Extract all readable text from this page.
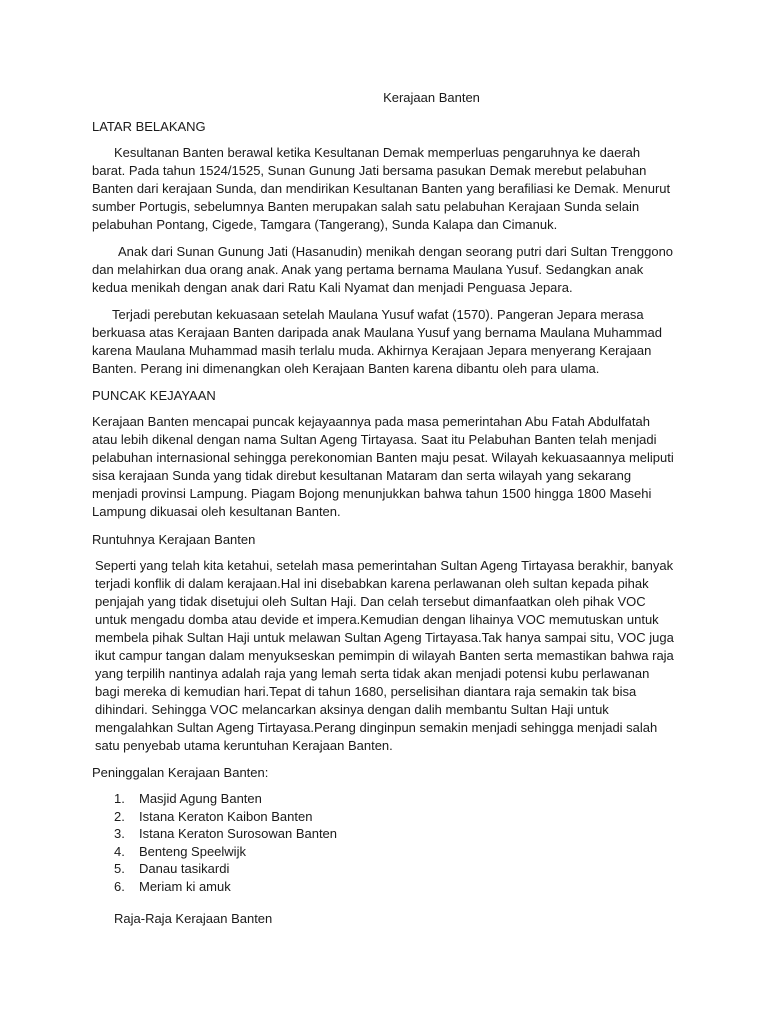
Kerajaan Banten
LATAR BELAKANG

Kesultanan Banten berawal ketika Kesultanan Demak memperluas pengaruhnya ke daerah barat. Pada tahun 1524/1525, Sunan Gunung Jati bersama pasukan Demak merebut pelabuhan Banten dari kerajaan Sunda, dan mendirikan Kesultanan Banten yang berafiliasi ke Demak. Menurut sumber Portugis, sebelumnya Banten merupakan salah satu pelabuhan Kerajaan Sunda selain pelabuhan Pontang, Cigede, Tamgara (Tangerang), Sunda Kalapa dan Cimanuk.

Anak dari Sunan Gunung Jati (Hasanudin) menikah dengan seorang putri dari Sultan Trenggono dan melahirkan dua orang anak. Anak yang pertama bernama Maulana Yusuf. Sedangkan anak kedua menikah dengan anak dari Ratu Kali Nyamat dan menjadi Penguasa Jepara.

Terjadi perebutan kekuasaan setelah Maulana Yusuf wafat (1570). Pangeran Jepara merasa berkuasa atas Kerajaan Banten daripada anak Maulana Yusuf yang bernama Maulana Muhammad karena Maulana Muhammad masih terlalu muda. Akhirnya Kerajaan Jepara menyerang Kerajaan Banten. Perang ini dimenangkan oleh Kerajaan Banten karena dibantu oleh para ulama.

PUNCAK KEJAYAAN

Kerajaan Banten mencapai puncak kejayaannya pada masa pemerintahan Abu Fatah Abdulfatah atau lebih dikenal dengan nama Sultan Ageng Tirtayasa. Saat itu Pelabuhan Banten telah menjadi pelabuhan internasional sehingga perekonomian Banten maju pesat. Wilayah kekuasaannya meliputi sisa kerajaan Sunda yang tidak direbut kesultanan Mataram dan serta wilayah yang sekarang menjadi provinsi Lampung. Piagam Bojong menunjukkan bahwa tahun 1500 hingga 1800 Masehi Lampung dikuasai oleh kesultanan Banten.

Runtuhnya Kerajaan Banten

Seperti yang telah kita ketahui, setelah masa pemerintahan Sultan Ageng Tirtayasa berakhir, banyak terjadi konflik di dalam kerajaan.Hal ini disebabkan karena perlawanan oleh sultan kepada pihak penjajah yang tidak disetujui oleh Sultan Haji. Dan celah tersebut dimanfaatkan oleh pihak VOC untuk mengadu domba atau devide et impera.Kemudian dengan lihainya VOC memutuskan untuk membela pihak Sultan Haji untuk melawan Sultan Ageng Tirtayasa.Tak hanya sampai situ, VOC juga ikut campur tangan dalam menyukseskan pemimpin di wilayah Banten serta memastikan bahwa raja yang terpilih nantinya adalah raja yang lemah serta tidak akan menjadi potensi kubu perlawanan bagi mereka di kemudian hari.Tepat di tahun 1680, perselisihan diantara raja semakin tak bisa dihindari. Sehingga VOC melancarkan aksinya dengan dalih membantu Sultan Haji untuk mengalahkan Sultan Ageng Tirtayasa.Perang dinginpun semakin menjadi sehingga menjadi salah satu penyebab utama keruntuhan Kerajaan Banten.

Peninggalan Kerajaan Banten:
1.	Masjid Agung Banten
2.	Istana Keraton Kaibon Banten
3.	Istana Keraton Surosowan Banten
4.	Benteng Speelwijk
5.	Danau tasikardi
6.	Meriam ki amuk
Raja-Raja Kerajaan Banten
